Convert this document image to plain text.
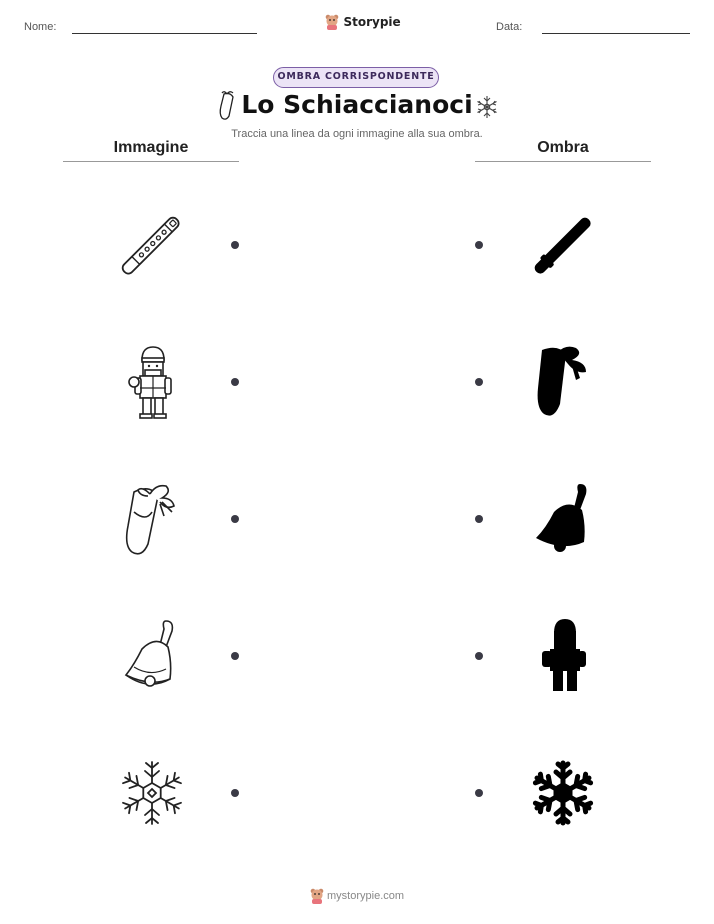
Nome:	Storypie	Data:
OMBRA CORRISPONDENTE
Lo Schiaccianoci
Traccia una linea da ogni immagine alla sua ombra.
Immagine	Ombra
mystorypie.com
